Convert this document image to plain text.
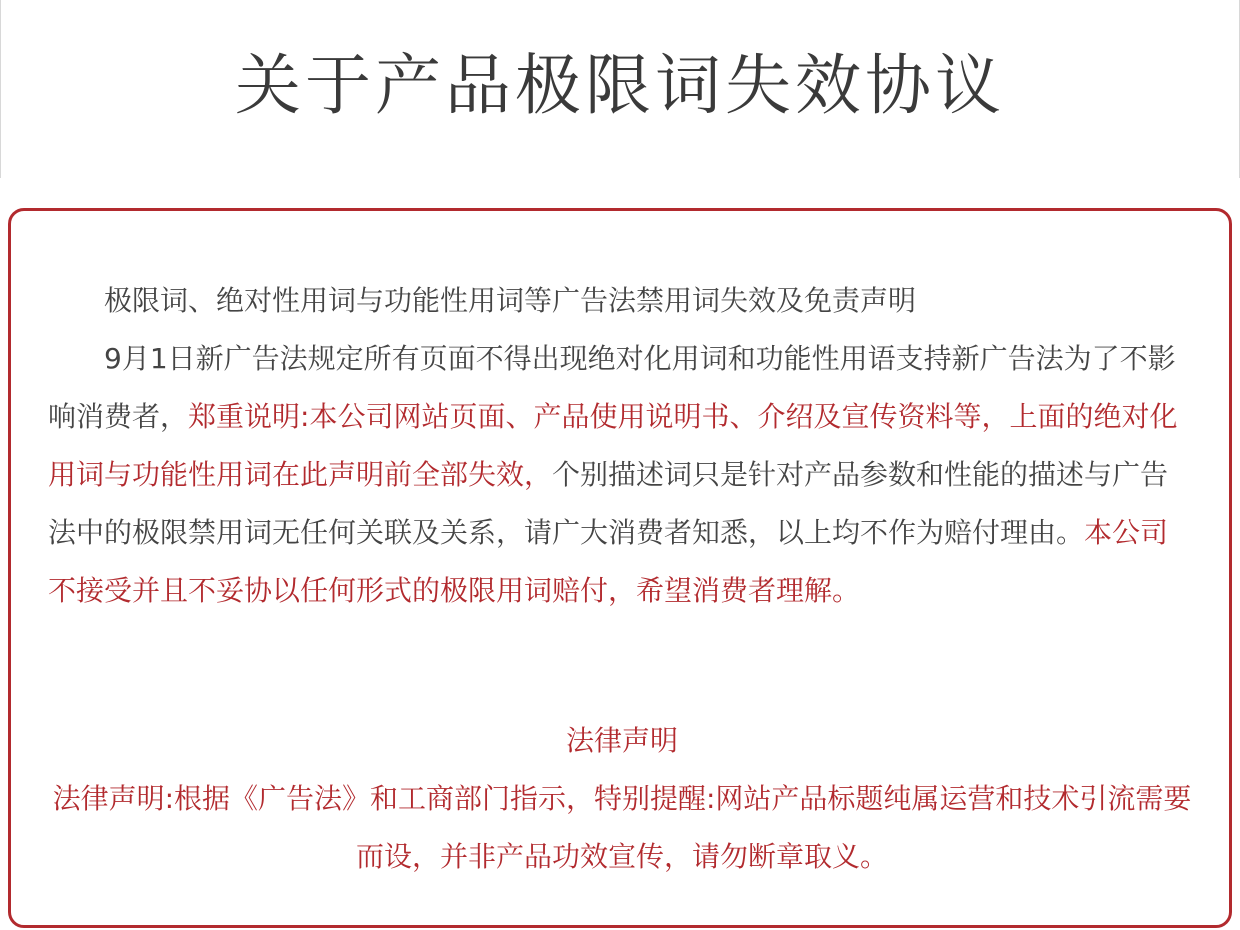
关于产品极限词失效协议

极限词、绝对性用词与功能性用词等广告法禁用词失效及免责声明

9月1日新广告法规定所有页面不得出现绝对化用词和功能性用语支持新广告法为了不影响消费者，郑重说明:本公司网站页面、产品使用说明书、介绍及宣传资料等，上面的绝对化用词与功能性用词在此声明前全部失效，个别描述词只是针对产品参数和性能的描述与广告法中的极限禁用词无任何关联及关系，请广大消费者知悉，以上均不作为赔付理由。本公司不接受并且不妥协以任何形式的极限用词赔付，希望消费者理解。

法律声明

法律声明:根据《广告法》和工商部门指示，特别提醒:网站产品标题纯属运营和技术引流需要而设，并非产品功效宣传，请勿断章取义。
